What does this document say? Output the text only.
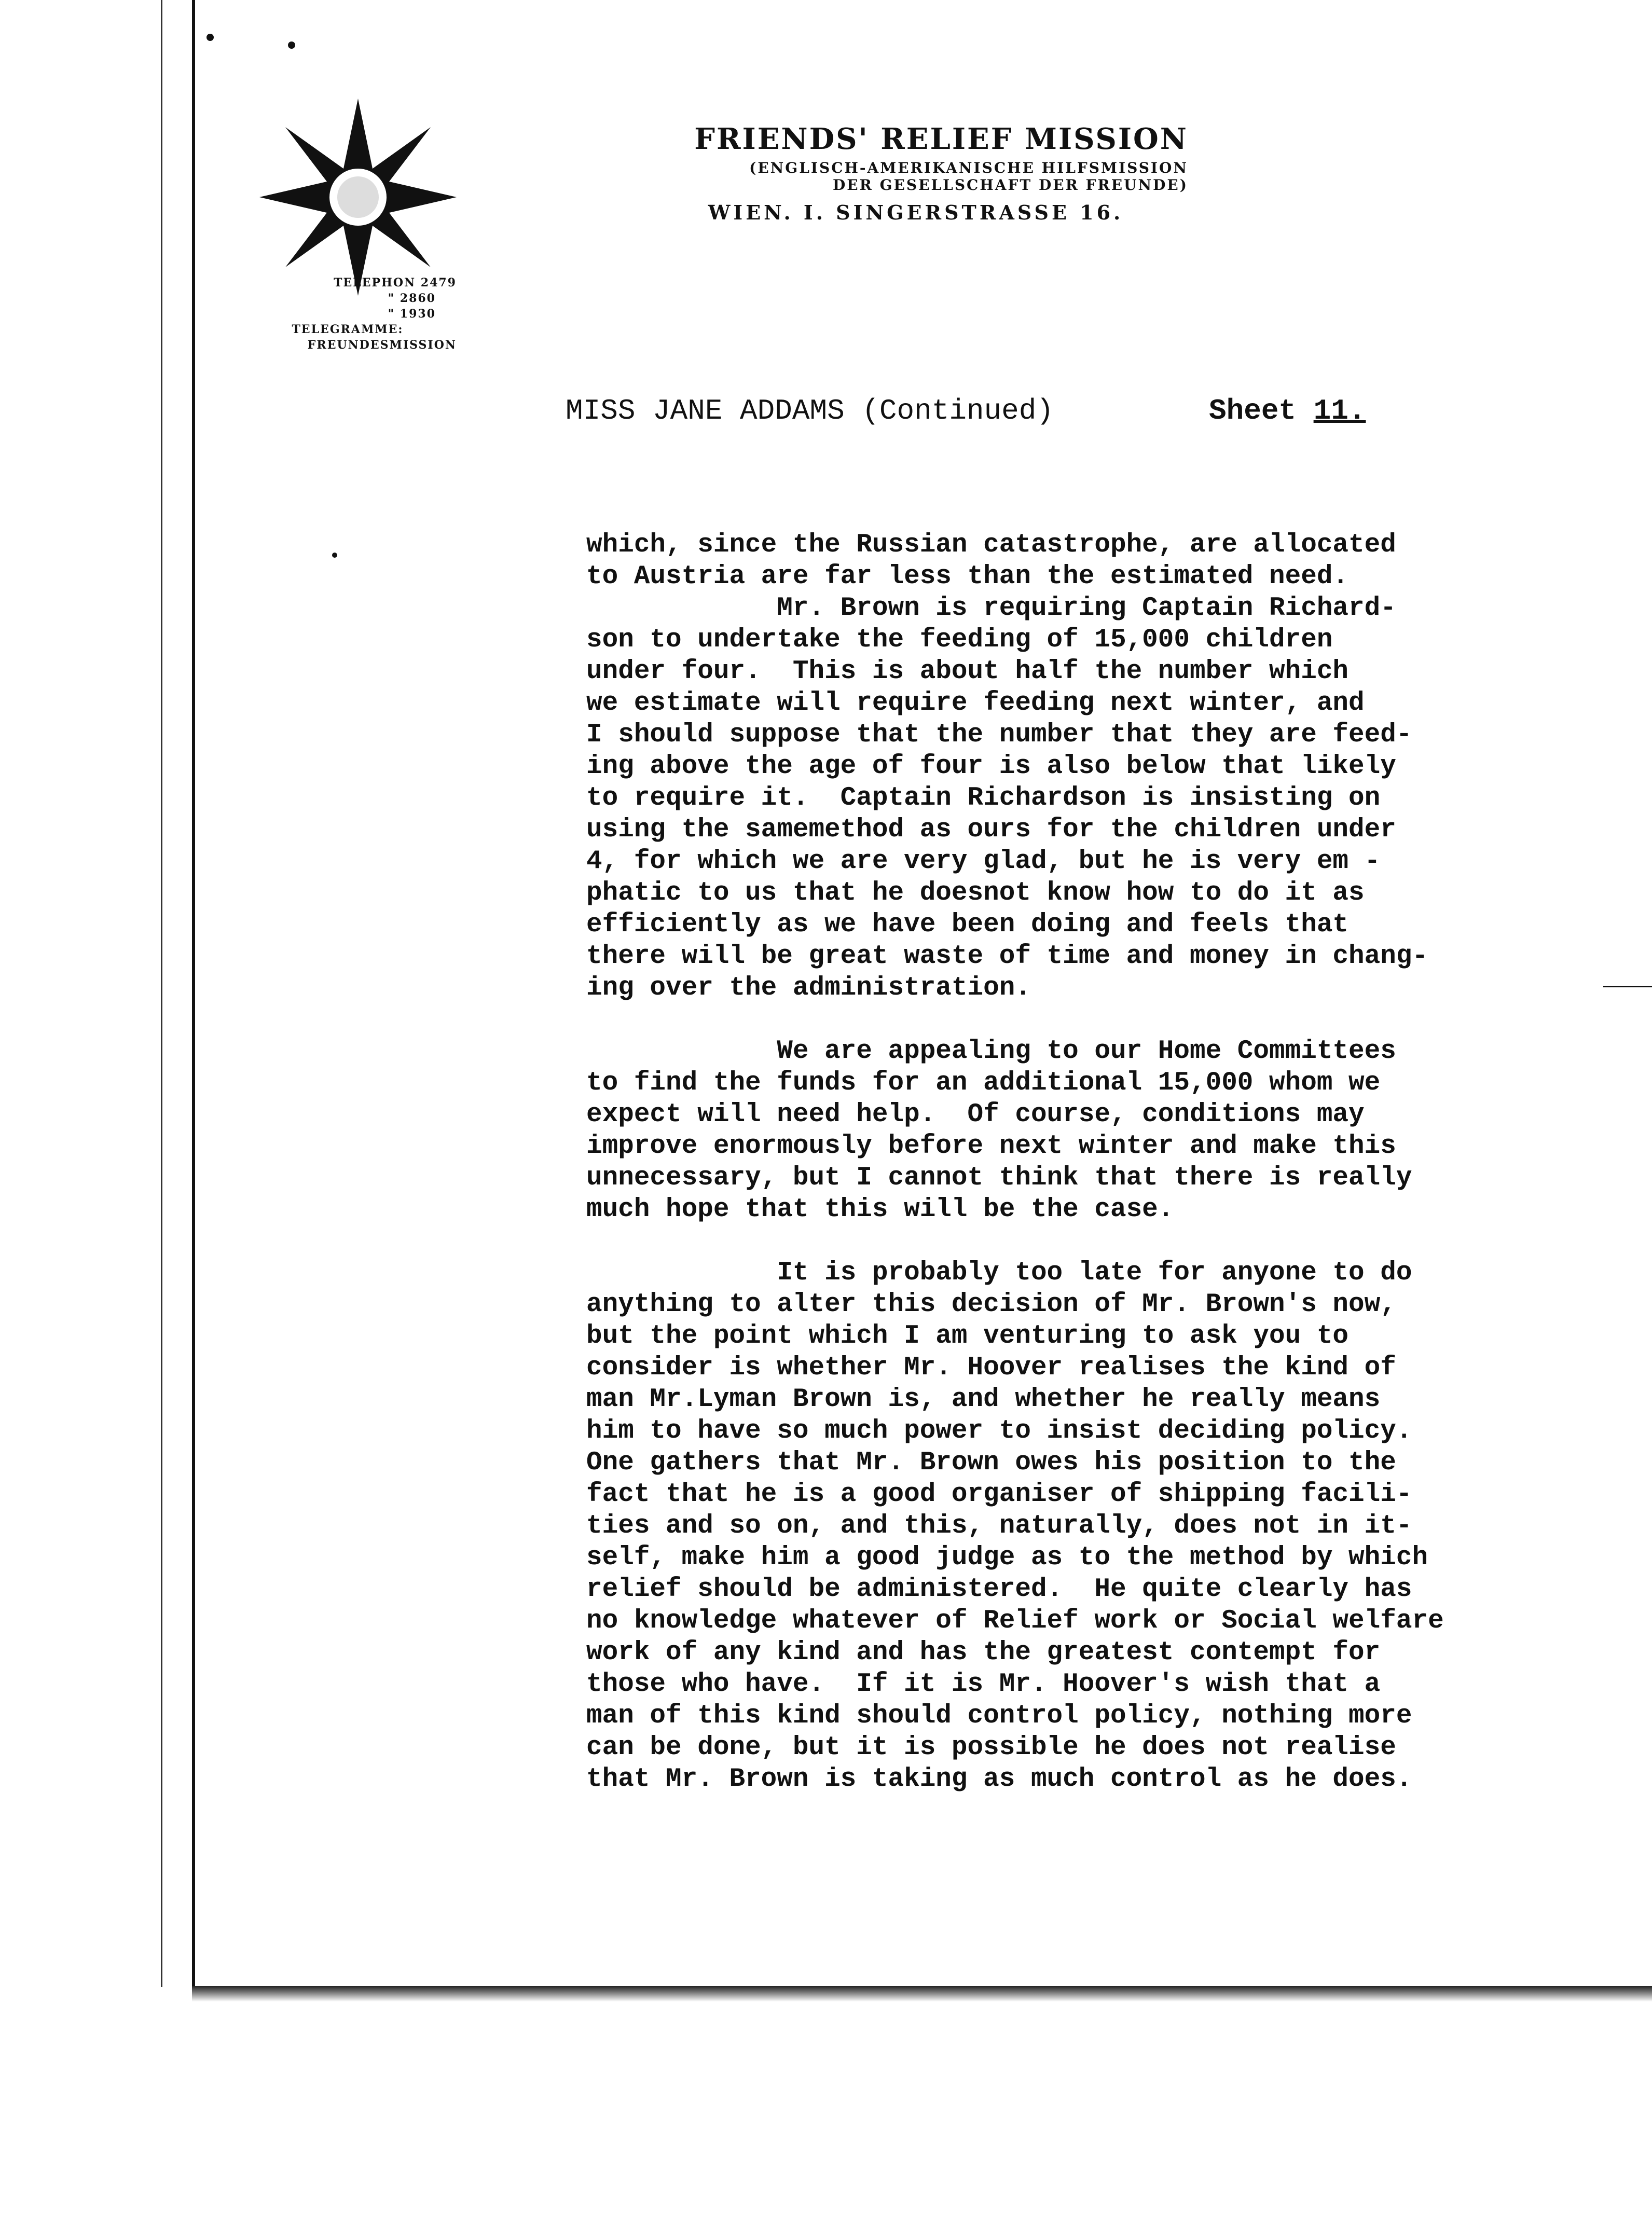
TELEPHON 2479
" 2860
" 1930
TELEGRAMME:
FREUNDESMISSION
FRIENDS' RELIEF MISSION
(ENGLISCH-AMERIKANISCHE HILFSMISSION
DER GESELLSCHAFT DER FREUNDE)
WIEN. I. SINGERSTRASSE 16.
MISS JANE ADDAMS (Continued)	Sheet 11.
which, since the Russian catastrophe, are allocated
to Austria are far less than the estimated need.
Mr. Brown is requiring Captain Richard-
son to undertake the feeding of 15,000 children
under four.  This is about half the number which
we estimate will require feeding next winter, and
I should suppose that the number that they are feed-
ing above the age of four is also below that likely
to require it.  Captain Richardson is insisting on
using the samemethod as ours for the children under
4, for which we are very glad, but he is very em -
phatic to us that he doesnot know how to do it as
efficiently as we have been doing and feels that
there will be great waste of time and money in chang-
ing over the administration.
We are appealing to our Home Committees
to find the funds for an additional 15,000 whom we
expect will need help.  Of course, conditions may
improve enormously before next winter and make this
unnecessary, but I cannot think that there is really
much hope that this will be the case.
It is probably too late for anyone to do
anything to alter this decision of Mr. Brown's now,
but the point which I am venturing to ask you to
consider is whether Mr. Hoover realises the kind of
man Mr.Lyman Brown is, and whether he really means
him to have so much power to insist deciding policy.
One gathers that Mr. Brown owes his position to the
fact that he is a good organiser of shipping facili-
ties and so on, and this, naturally, does not in it-
self, make him a good judge as to the method by which
relief should be administered.  He quite clearly has
no knowledge whatever of Relief work or Social welfare
work of any kind and has the greatest contempt for
those who have.  If it is Mr. Hoover's wish that a
man of this kind should control policy, nothing more
can be done, but it is possible he does not realise
that Mr. Brown is taking as much control as he does.
